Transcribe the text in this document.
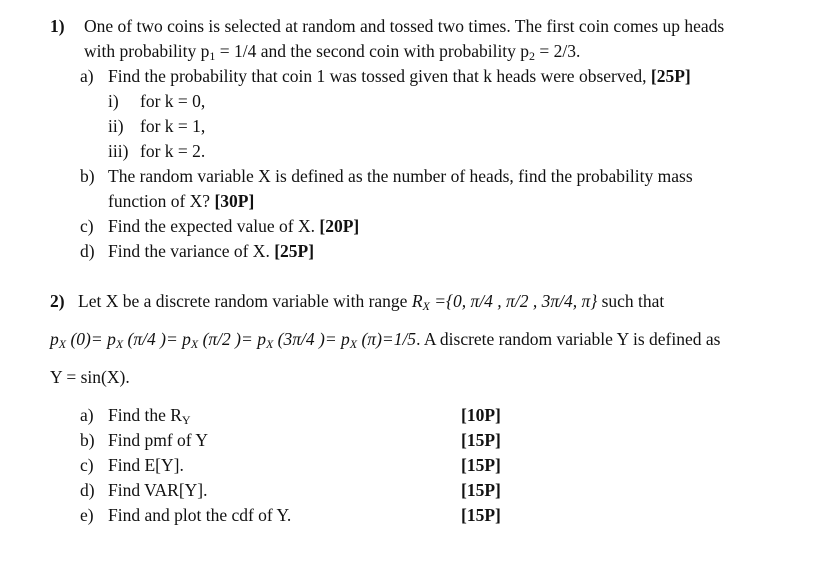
1) One of two coins is selected at random and tossed two times. The first coin comes up heads
with probability $p_1 = 1/4$ and the second coin with probability $p_2 = 2/3$.
a) Find the probability that coin 1 was tossed given that k heads were observed, [25P]
i) for k = 0,
ii) for k = 1,
iii) for k = 2.
b) The random variable X is defined as the number of heads, find the probability mass
function of X? [30P]
c) Find the expected value of X. [20P]
d) Find the variance of X. [25P]
2) Let X be a discrete random variable with range $R_X =\{0$, π/4 , π/2 , 3π/4, π} such that
$p_X$ $(0)= p_X$ (π/4 )= $p_X$ (π/2 )= $p_X$ (3π/4 )= $p_X$ (π)=1/5. A discrete random variable Y is defined as
Y = sin(X).
a) Find the $R_Y$	[10P]
b) Find pmf of Y	[15P]
c) Find E[Y].	[15P]
d) Find VAR[Y].	[15P]
e) Find and plot the cdf of Y.	[15P]
